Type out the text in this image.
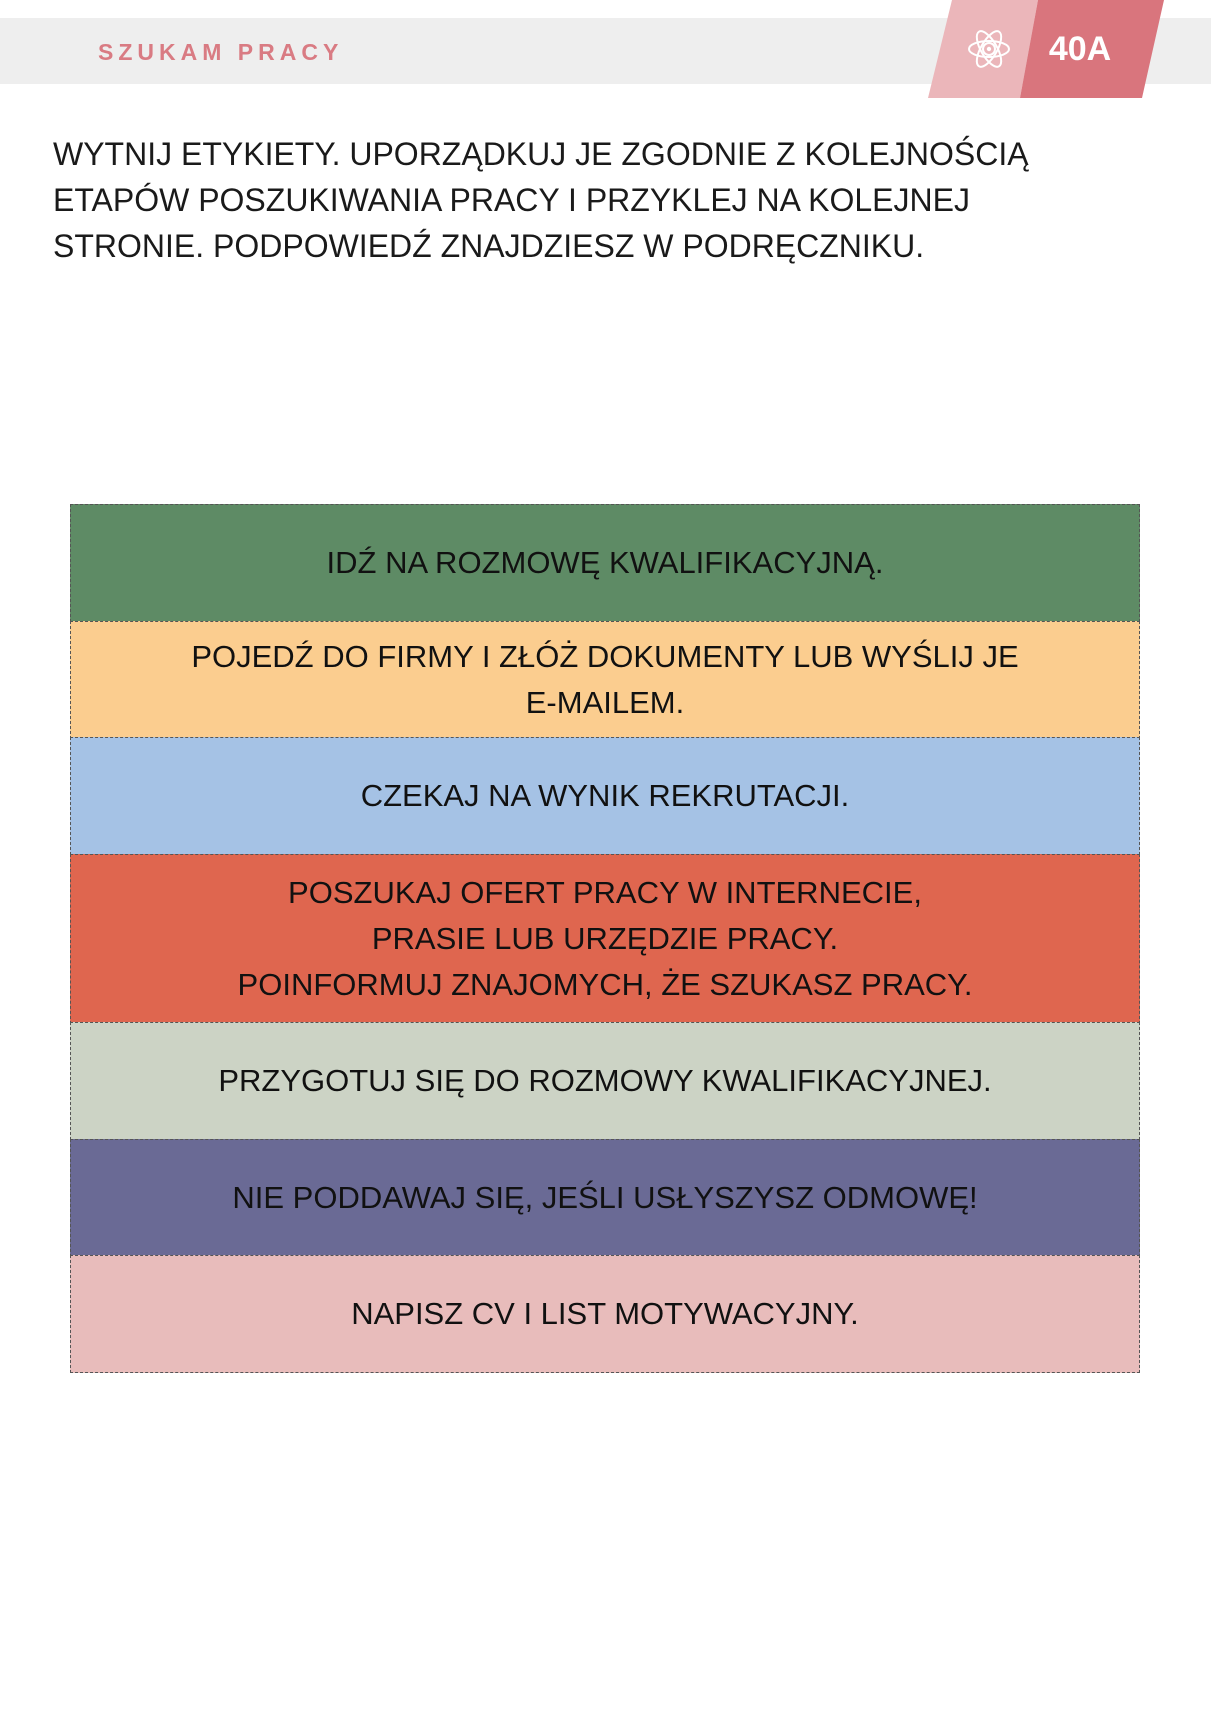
SZUKAM PRACY	40A

WYTNIJ ETYKIETY. UPORZĄDKUJ JE ZGODNIE Z KOLEJNOŚCIĄ ETAPÓW POSZUKIWANIA PRACY I PRZYKLEJ NA KOLEJNEJ STRONIE. PODPOWIEDŹ ZNAJDZIESZ W PODRĘCZNIKU.

IDŹ NA ROZMOWĘ KWALIFIKACYJNĄ.
POJEDŹ DO FIRMY I ZŁÓŻ DOKUMENTY LUB WYŚLIJ JE
E-MAILEM.
CZEKAJ NA WYNIK REKRUTACJI.
POSZUKAJ OFERT PRACY W INTERNECIE,
PRASIE LUB URZĘDZIE PRACY.
POINFORMUJ ZNAJOMYCH, ŻE SZUKASZ PRACY.
PRZYGOTUJ SIĘ DO ROZMOWY KWALIFIKACYJNEJ.
NIE PODDAWAJ SIĘ, JEŚLI USŁYSZYSZ ODMOWĘ!
NAPISZ CV I LIST MOTYWACYJNY.
